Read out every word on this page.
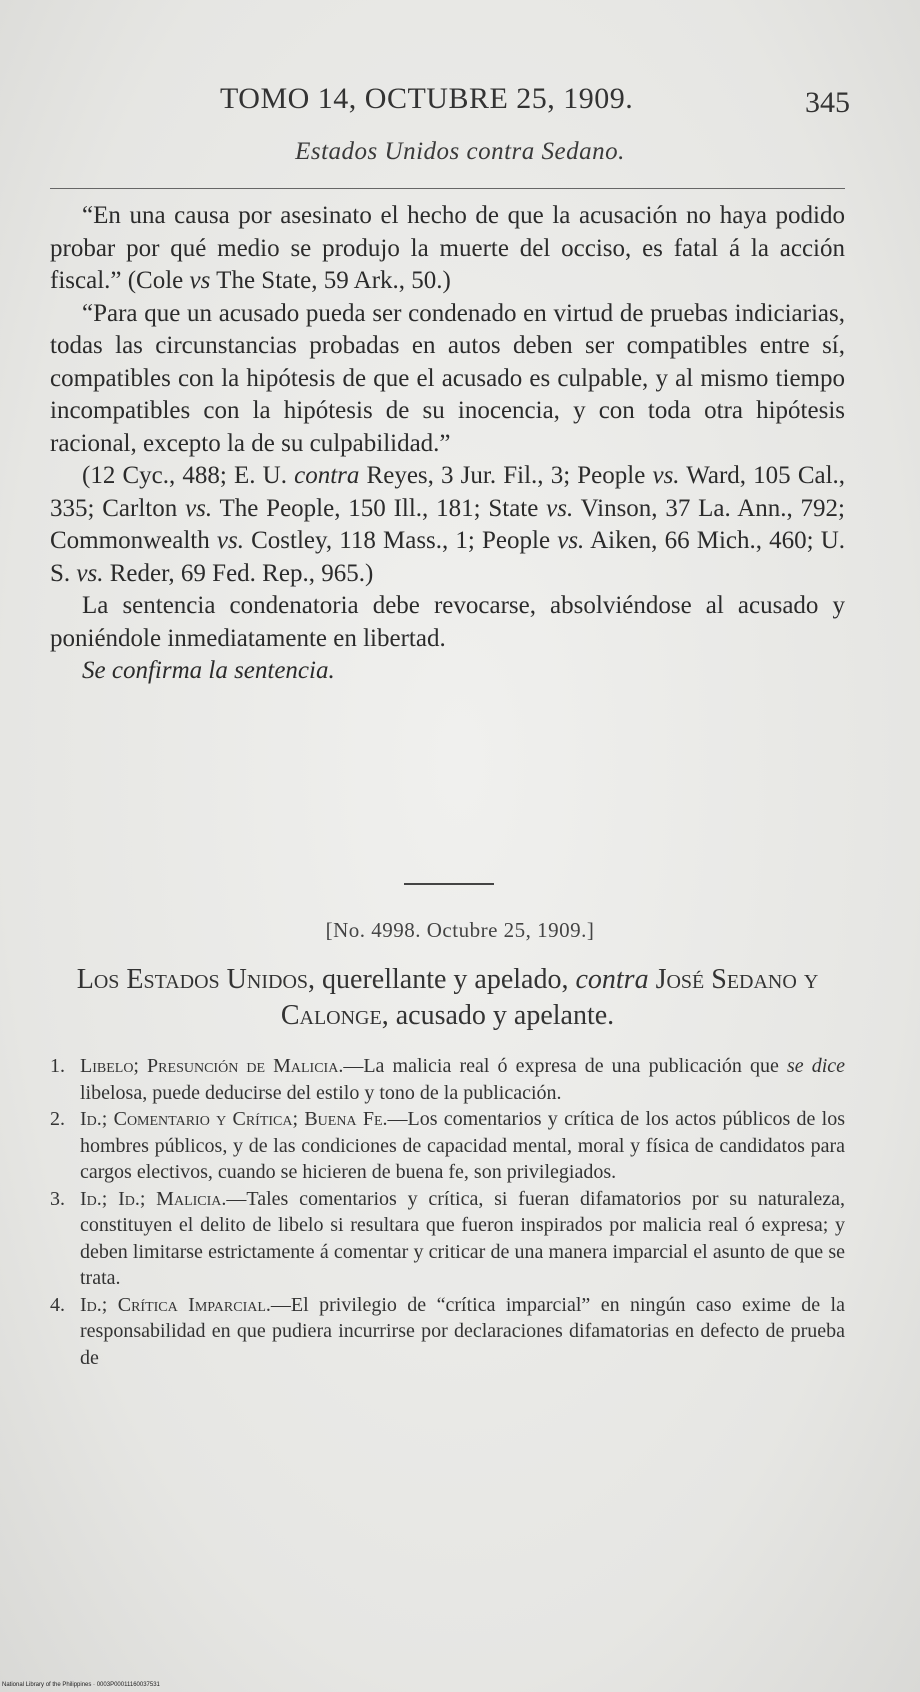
TOMO 14, OCTUBRE 25, 1909.	345
Estados Unidos contra Sedano.

“En una causa por asesinato el hecho de que la acusación no haya podido probar por qué medio se produjo la muerte del occiso, es fatal á la acción fiscal.” (Cole vs The State, 59 Ark., 50.)

“Para que un acusado pueda ser condenado en virtud de pruebas indiciarias, todas las circunstancias probadas en autos deben ser compatibles entre sí, compatibles con la hipótesis de que el acusado es culpable, y al mismo tiempo incompatibles con la hipótesis de su inocencia, y con toda otra hipótesis racional, excepto la de su culpabilidad.”

(12 Cyc., 488; E. U. contra Reyes, 3 Jur. Fil., 3; People vs. Ward, 105 Cal., 335; Carlton vs. The People, 150 Ill., 181; State vs. Vinson, 37 La. Ann., 792; Commonwealth vs. Costley, 118 Mass., 1; People vs. Aiken, 66 Mich., 460; U. S. vs. Reder, 69 Fed. Rep., 965.)

La sentencia condenatoria debe revocarse, absolviéndose al acusado y poniéndole inmediatamente en libertad.

Se confirma la sentencia.

[No. 4998. Octubre 25, 1909.]
Los Estados Unidos, querellante y apelado, contra José Sedano y Calonge, acusado y apelante.
1. Libelo; Presunción de Malicia.—La malicia real ó expresa de una publicación que se dice libelosa, puede deducirse del estilo y tono de la publicación.
2. Id.; Comentario y Crítica; Buena Fe.—Los comentarios y crítica de los actos públicos de los hombres públicos, y de las condiciones de capacidad mental, moral y física de candidatos para cargos electivos, cuando se hicieren de buena fe, son privilegiados.
3. Id.; Id.; Malicia.—Tales comentarios y crítica, si fueran difamatorios por su naturaleza, constituyen el delito de libelo si resultara que fueron inspirados por malicia real ó expresa; y deben limitarse estrictamente á comentar y criticar de una manera imparcial el asunto de que se trata.
4. Id.; Crítica Imparcial.—El privilegio de “crítica imparcial” en ningún caso exime de la responsabilidad en que pudiera incurrirse por declaraciones difamatorias en defecto de prueba de
National Library of the Philippines · 0003P00011160037531
